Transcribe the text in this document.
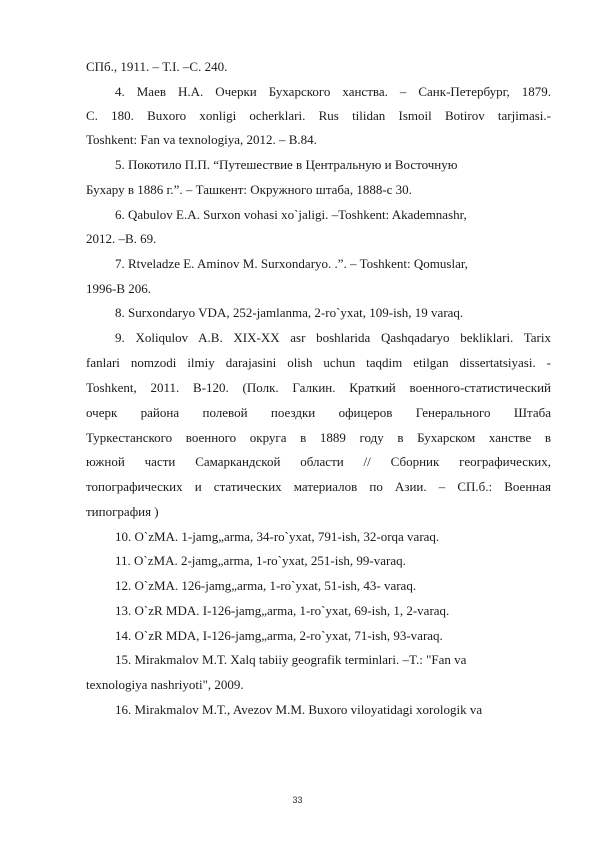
СПб., 1911. – Т.I. –С. 240.
4. Маев Н.А. Очерки Бухарского ханства. – Санк-Петербург, 1879.
С. 180. Buxoro xonligi ocherklari. Rus tilidan Ismoil Botirov tarjimasi.-
Toshkent: Fan va texnologiya, 2012. – В.84.
5. Покотило П.П. “Путешествие в Центральную и Восточную
Бухару в 1886 г.”. – Ташкент: Окружного штаба, 1888-с 30.
6. Qabulov E.A. Surxon vohasi xo`jaligi. –Toshkent: Akademnashr,
2012. –B. 69.
7. Rtveladze E. Aminov M. Surxondaryo. .”. – Toshkent: Qomuslar,
1996-B 206.
8. Surxondaryo VDA, 252-jamlanma, 2-ro`yxat, 109-ish, 19 varaq.
9. Xoliqulov A.B. XIX-XX asr boshlarida Qashqadaryo bekliklari. Tarix
fanlari nomzodi ilmiy darajasini olish uchun taqdim etilgan dissertatsiyasi. -
Toshkent, 2011. B-120. (Полк. Галкин. Краткий военного-статистический
очерк района полевой поездки офицеров Генерального Штаба
Туркестанского военного округа в 1889 году в Бухарском ханстве в
южной части Самаркандской области // Сборник географических,
топографических и статических материалов по Азии. – СП.б.: Военная
типография )
10. O`zMA. 1-jamg„arma, 34-ro`yxat, 791-ish, 32-orqa varaq.
11. O`zMA. 2-jamg„arma, 1-ro`yxat, 251-ish, 99-varaq.
12. O`zMA. 126-jamg„arma, 1-ro`yxat, 51-ish, 43- varaq.
13. O`zR MDA. I-126-jamg„arma, 1-ro`yxat, 69-ish, 1, 2-varaq.
14. O`zR MDA, I-126-jamg„arma, 2-ro`yxat, 71-ish, 93-varaq.
15. Mirakmalov M.T. Xalq tabiiy geografik terminlari. –T.: "Fan va
texnologiya nashriyoti", 2009.
16. Mirakmalov M.T., Avezov M.M. Buxoro viloyatidagi xorologik va
33
